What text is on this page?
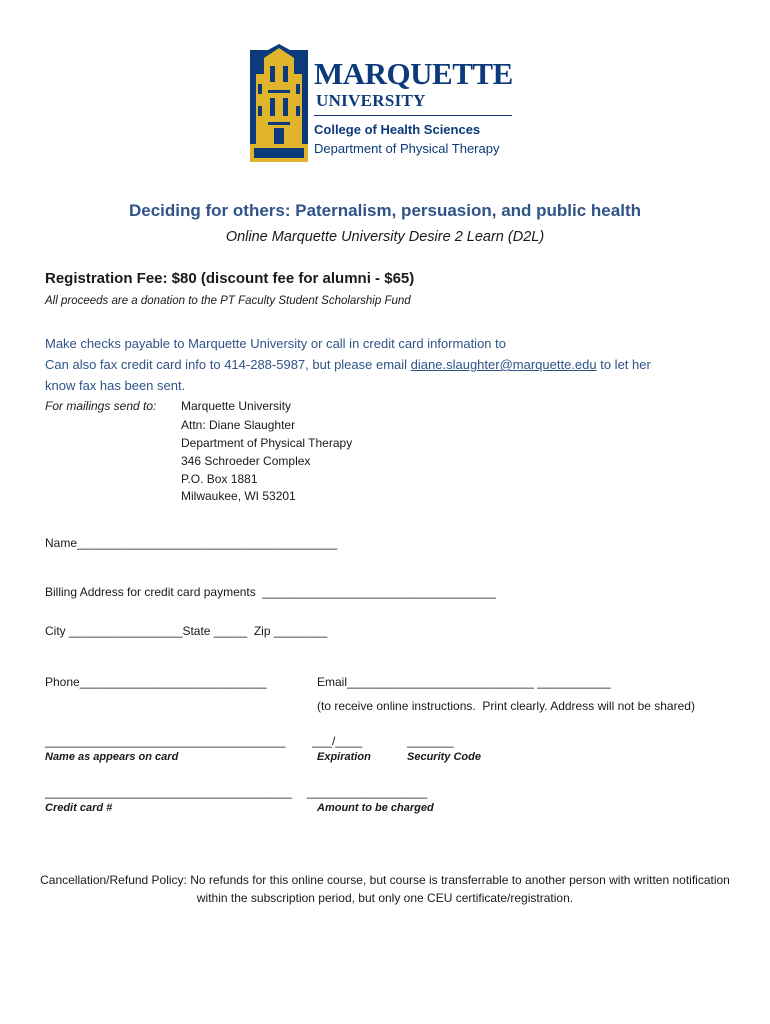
MARQUETTE
UNIVERSITY
College of Health Sciences
Department of Physical Therapy
Deciding for others: Paternalism, persuasion, and public health
Online Marquette University Desire 2 Learn (D2L)
Registration Fee: $80 (discount fee for alumni - $65)
All proceeds are a donation to the PT Faculty Student Scholarship Fund
Make checks payable to Marquette University or call in credit card information to
Can also fax credit card info to 414-288-5987, but please email diane.slaughter@marquette.edu to let her
know fax has been sent.
For mailings send to: Marquette University
Attn: Diane Slaughter
Department of Physical Therapy
346 Schroeder Complex
P.O. Box 1881
Milwaukee, WI 53201
Name_______________________________________
Billing Address for credit card payments  ___________________________________
City _________________State _____  Zip ________
Phone____________________________	Email____________________________ ___________
(to receive online instructions.  Print clearly. Address will not be shared)
____________________________________ ___/____	_______
Name as appears on card	Expiration	Security Code
_____________________________________ __________________
Credit card #	Amount to be charged
Cancellation/Refund Policy: No refunds for this online course, but course is transferrable to another person with written notification within the subscription period, but only one CEU certificate/registration.
